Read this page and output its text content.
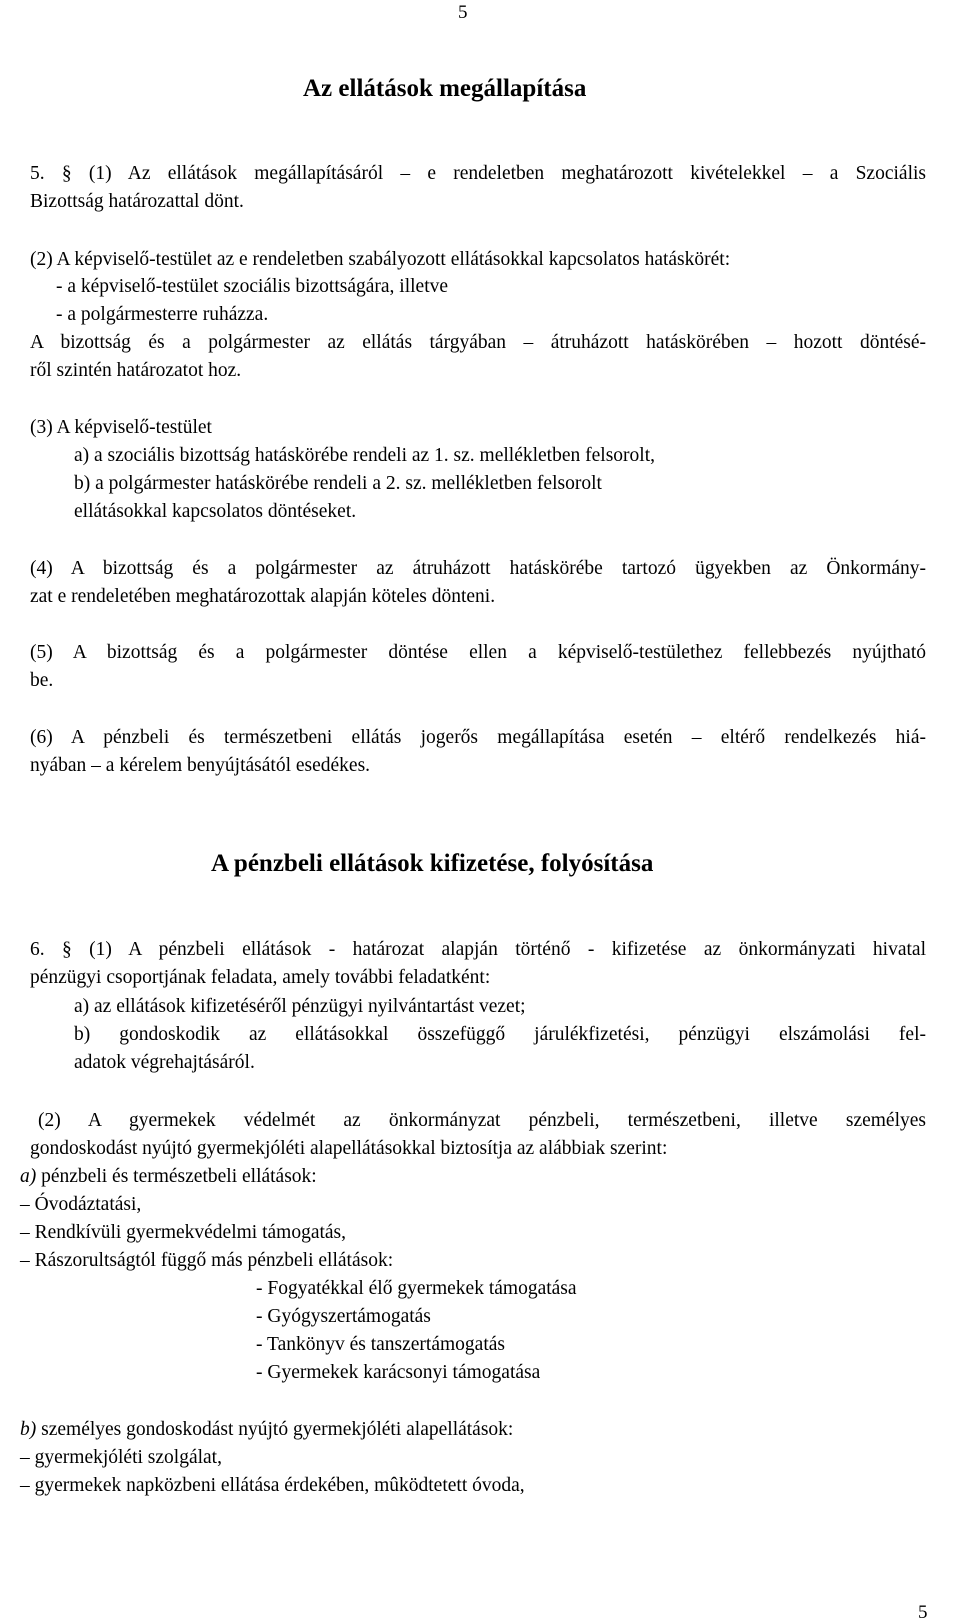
5
Az ellátások megállapítása
5. § (1) Az ellátások megállapításáról – e rendeletben meghatározott kivételekkel – a Szociális
Bizottság határozattal dönt.
(2) A képviselő-testület az e rendeletben szabályozott ellátásokkal kapcsolatos hatáskörét:
- a képviselő-testület szociális bizottságára, illetve
- a polgármesterre ruházza.
A bizottság és a polgármester az ellátás tárgyában – átruházott hatáskörében – hozott döntésé-
ről szintén határozatot hoz.
(3) A képviselő-testület
a) a szociális bizottság hatáskörébe rendeli az 1. sz. mellékletben felsorolt,
b) a polgármester hatáskörébe rendeli a 2. sz. mellékletben felsorolt
ellátásokkal kapcsolatos döntéseket.
(4) A bizottság és a polgármester az átruházott hatáskörébe tartozó ügyekben az Önkormány-
zat e rendeletében meghatározottak alapján köteles dönteni.
(5) A bizottság és a polgármester döntése ellen a képviselő-testülethez fellebbezés nyújtható
be.
(6) A pénzbeli és természetbeni ellátás jogerős megállapítása esetén – eltérő rendelkezés hiá-
nyában – a kérelem benyújtásától esedékes.
A pénzbeli ellátások kifizetése, folyósítása
6. § (1) A pénzbeli ellátások - határozat alapján történő - kifizetése az önkormányzati hivatal
pénzügyi csoportjának feladata, amely további feladatként:
a) az ellátások kifizetéséről pénzügyi nyilvántartást vezet;
b) gondoskodik az ellátásokkal összefüggő járulékfizetési, pénzügyi elszámolási fel-
adatok végrehajtásáról.
(2) A gyermekek védelmét az önkormányzat pénzbeli, természetbeni, illetve személyes
gondoskodást nyújtó gyermekjóléti alapellátásokkal biztosítja az alábbiak szerint:
a) pénzbeli és természetbeli ellátások:
– Óvodáztatási,
– Rendkívüli gyermekvédelmi támogatás,
– Rászorultságtól függő más pénzbeli ellátások:
- Fogyatékkal élő gyermekek támogatása
- Gyógyszertámogatás
- Tankönyv és tanszertámogatás
- Gyermekek karácsonyi támogatása
b) személyes gondoskodást nyújtó gyermekjóléti alapellátások:
– gyermekjóléti szolgálat,
– gyermekek napközbeni ellátása érdekében, mûködtetett óvoda,
5
